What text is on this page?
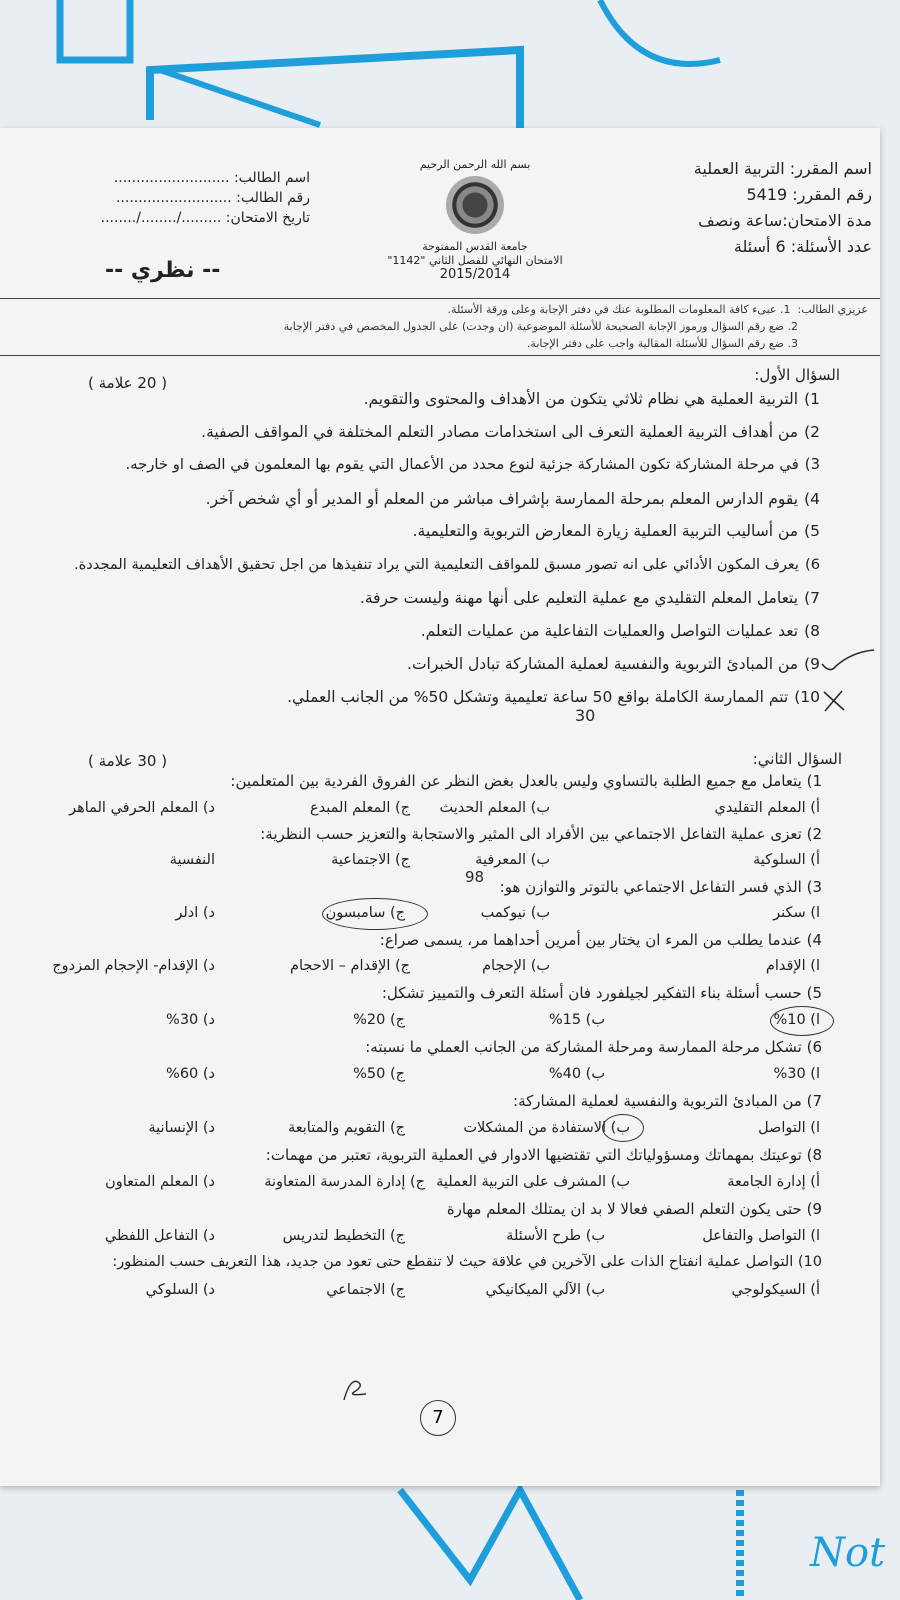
Not
اسم المقرر: التربية العملية
رقم المقرر: 5419
مدة الامتحان:ساعة ونصف
عدد الأسئلة: 6 أسئلة
بسم الله الرحمن الرحيم
جامعة القدس المفتوحة
الامتحان النهائي للفصل الثاني "1142"
2015/2014
اسم الطالب: ..........................
رقم الطالب: ..........................
تاريخ الامتحان: ........./......../........
-- نظري --
عزيزي الطالب:  1. عبىء كافة المعلومات المطلوبة عنك في دفتر الإجابة وعلى ورقة الأسئلة.
2. ضع رقم السؤال ورموز الإجابة الصحيحة للأسئلة الموضوعية (ان وجدت) على الجدول المخصص في دفتر الإجابة
3. ضع رقم السؤال للأسئلة المقالية واجب على دفتر الإجابة.
السؤال الأول:
( 20 علامة )
1)التربية العملية هي نظام ثلاثي يتكون من الأهداف والمحتوى والتقويم.
2)من أهداف التربية العملية التعرف الى استخدامات مصادر التعلم المختلفة في المواقف الصفية.
3)في مرحلة المشاركة تكون المشاركة جزئية لنوع محدد من الأعمال التي يقوم بها المعلمون في الصف او خارجه.
4)يقوم الدارس المعلم بمرحلة الممارسة بإشراف مباشر من المعلم أو المدير أو أي شخص آخر.
5)من أساليب التربية العملية زيارة المعارض التربوية والتعليمية.
6)يعرف المكون الأدائي على انه تصور مسبق للمواقف التعليمية التي يراد تنفيذها من اجل تحقيق الأهداف التعليمية المجددة.
7)يتعامل المعلم التقليدي مع عملية التعليم على أنها مهنة وليست حرفة.
8)تعد عمليات التواصل والعمليات التفاعلية من عمليات التعلم.
9)من المبادئ التربوية والنفسية لعملية المشاركة تبادل الخبرات.
10)تتم الممارسة الكاملة بواقع 50 ساعة تعليمية وتشكل 50% من الجانب العملي.
30
السؤال الثاني:
( 30 علامة )
1) يتعامل مع جميع الطلبة بالتساوي وليس بالعدل بغض النظر عن الفروق الفردية بين المتعلمين:
أ) المعلم التقليدي
ب) المعلم الحديث
ج) المعلم المبدع
د) المعلم الحرفي الماهر
2) تعزى عملية التفاعل الاجتماعي بين الأفراد الى المثير والاستجابة والتعزيز حسب النظرية:
أ) السلوكية
ب) المعرفية
ج) الاجتماعية
النفسية
3) الذي فسر التفاعل الاجتماعي بالتوتر والتوازن هو:
98
ا) سكنر
ب) نيوكمب
ج) سامبسون
د) ادلر
4) عندما يطلب من المرء ان يختار بين أمرين أحداهما مر، يسمى صراع:
ا) الإقدام
ب) الإحجام
ج) الإقدام – الاحجام
د) الإقدام- الإحجام المزدوج
5) حسب أسئلة بناء التفكير لجيلفورد فان أسئلة التعرف والتمييز تشكل:
ا) 10%
ب) 15%
ج) 20%
د) 30%
6) تشكل مرحلة الممارسة ومرحلة المشاركة من الجانب العملي ما نسبته:
ا) 30%
ب) 40%
ج) 50%
د) 60%
7) من المبادئ التربوية والنفسية لعملية المشاركة:
ا) التواصل
ب) الاستفادة من المشكلات
ج) التقويم والمتابعة
د) الإنسانية
8) توعيتك بمهماتك ومسؤولياتك التي تقتضيها الادوار في العملية التربوية، تعتبر من مهمات:
أ) إدارة الجامعة
ب) المشرف على التربية العملية
ج) إدارة المدرسة المتعاونة
د) المعلم المتعاون
9) حتى يكون التعلم الصفي فعالا لا بد ان يمتلك المعلم مهارة
ا) التواصل والتفاعل
ب) طرح الأسئلة
ج) التخطيط لتدريس
د) التفاعل اللفظي
10) التواصل عملية انفتاح الذات على الآخرين في علاقة حيث لا تنقطع حتى تعود من جديد، هذا التعريف حسب المنظور:
أ) السيكولوجي
ب) الآلي الميكانيكي
ج) الاجتماعي
د) السلوكي
7
